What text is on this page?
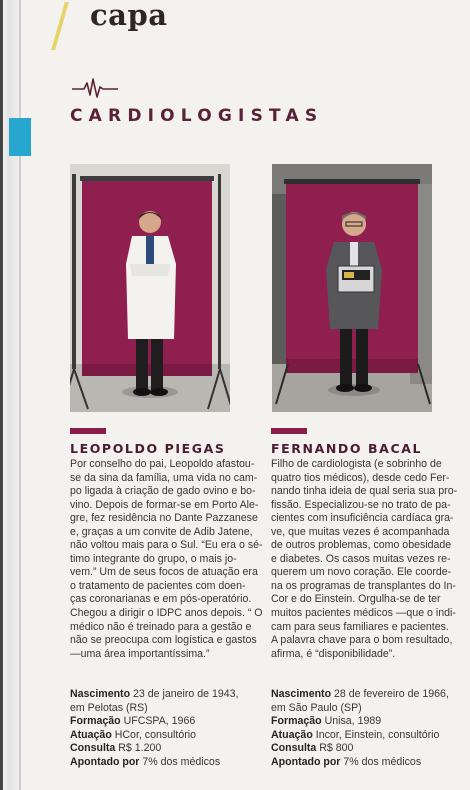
capa
CARDIOLOGISTAS
LEOPOLDO PIEGAS
Por conselho do pai, Leopoldo afastou-
se da sina da família, uma vida no cam-
po ligada à criação de gado ovino e bo-
vino. Depois de formar-se em Porto Ale-
gre, fez residência no Dante Pazzanese
e, graças a um convite de Adib Jatene,
não voltou mais para o Sul. “Eu era o sé-
timo integrante do grupo, o mais jo-
vem.” Um de seus focos de atuação era
o tratamento de pacientes com doen-
ças coronarianas e em pós-operatório.
Chegou a dirigir o IDPC anos depois. “ O
médico não é treinado para a gestão e
não se preocupa com logística e gastos
—uma área importantíssima.”
Nascimento 23 de janeiro de 1943,
em Pelotas (RS)
Formação UFCSPA, 1966
Atuação HCor, consultório
Consulta R$ 1.200
Apontado por 7% dos médicos
FERNANDO BACAL
Filho de cardiologista (e sobrinho de
quatro tios médicos), desde cedo Fer-
nando tinha ideia de qual seria sua pro-
fissão. Especializou-se no trato de pa-
cientes com insuficiência cardíaca gra-
ve, que muitas vezes é acompanhada
de outros problemas, como obesidade
e diabetes. Os casos muitas vezes re-
querem um novo coração. Ele coorde-
na os programas de transplantes do In-
Cor e do Einstein. Orgulha-se de ter
muitos pacientes médicos —que o indi-
cam para seus familiares e pacientes.
A palavra chave para o bom resultado,
afirma, é “disponibilidade”.
Nascimento 28 de fevereiro de 1966,
em São Paulo (SP)
Formação Unisa, 1989
Atuação Incor, Einstein, consultório
Consulta R$ 800
Apontado por 7% dos médicos
